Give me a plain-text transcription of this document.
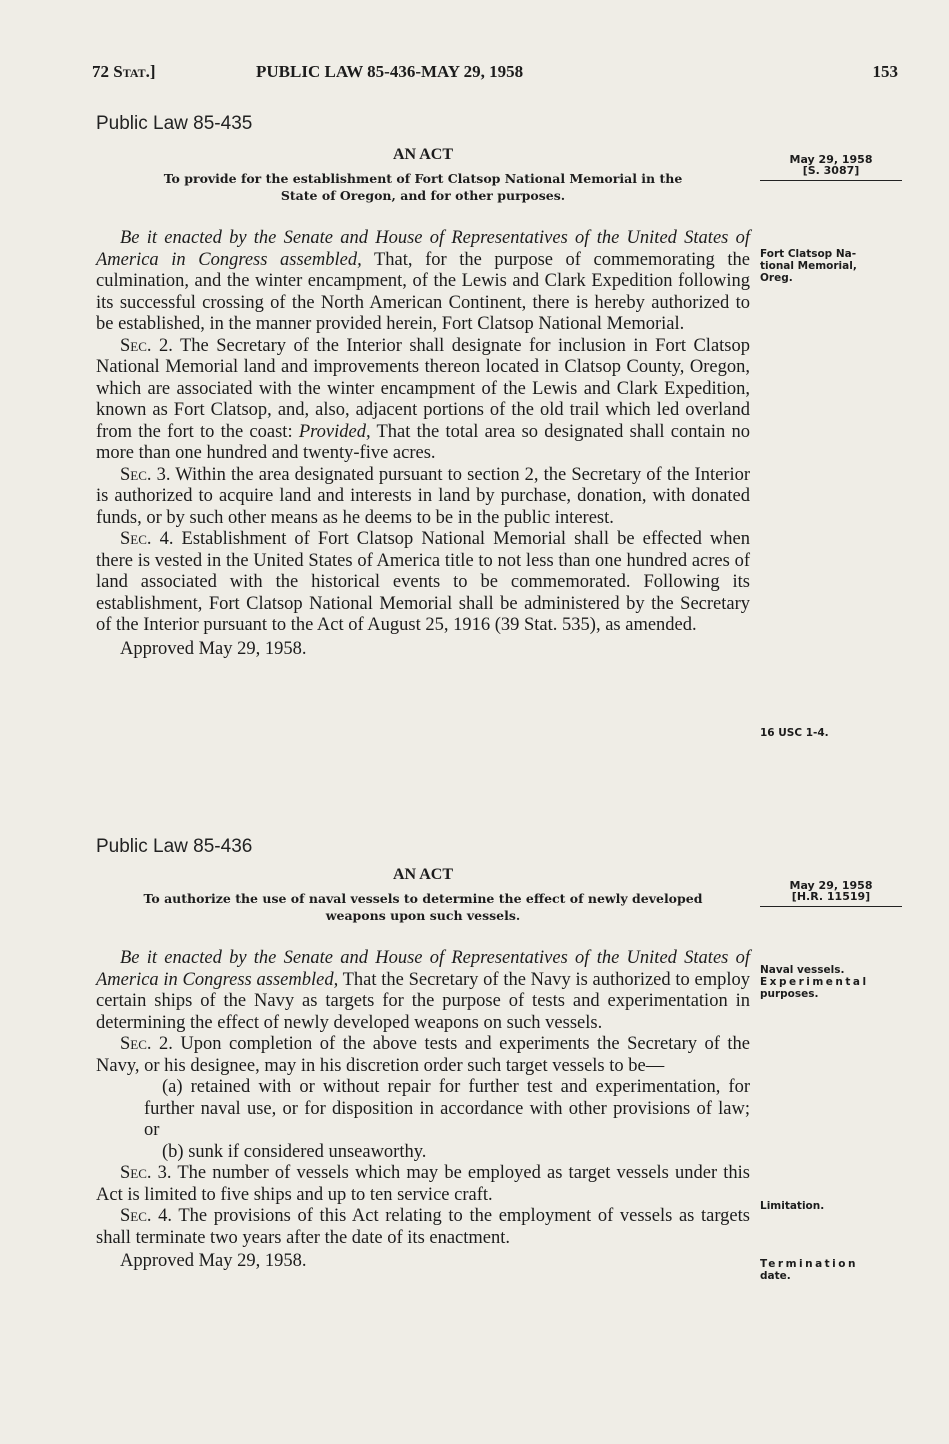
72 Stat.]	PUBLIC LAW 85-436-MAY 29, 1958	153
Public Law 85-435
AN ACT
To provide for the establishment of Fort Clatsop National Memorial in the
State of Oregon, and for other purposes.
May 29, 1958
[S. 3087]

Be it enacted by the Senate and House of Representatives of the United States of America in Congress assembled, That, for the purpose of commemorating the culmination, and the winter encampment, of the Lewis and Clark Expedition following its successful crossing of the North American Continent, there is hereby authorized to be established, in the manner provided herein, Fort Clatsop National Memorial.

Sec. 2. The Secretary of the Interior shall designate for inclusion in Fort Clatsop National Memorial land and improvements thereon located in Clatsop County, Oregon, which are associated with the winter encampment of the Lewis and Clark Expedition, known as Fort Clatsop, and, also, adjacent portions of the old trail which led overland from the fort to the coast: Provided, That the total area so designated shall contain no more than one hundred and twenty-five acres.

Sec. 3. Within the area designated pursuant to section 2, the Secretary of the Interior is authorized to acquire land and interests in land by purchase, donation, with donated funds, or by such other means as he deems to be in the public interest.

Sec. 4. Establishment of Fort Clatsop National Memorial shall be effected when there is vested in the United States of America title to not less than one hundred acres of land associated with the historical events to be commemorated. Following its establishment, Fort Clatsop National Memorial shall be administered by the Secretary of the Interior pursuant to the Act of August 25, 1916 (39 Stat. 535), as amended.

Approved May 29, 1958.

Fort Clatsop Na-
tional Memorial,
Oreg.
16 USC 1-4.
Public Law 85-436
AN ACT
To authorize the use of naval vessels to determine the effect of newly developed
weapons upon such vessels.
May 29, 1958
[H.R. 11519]

Be it enacted by the Senate and House of Representatives of the United States of America in Congress assembled, That the Secretary of the Navy is authorized to employ certain ships of the Navy as targets for the purpose of tests and experimentation in determining the effect of newly developed weapons on such vessels.

Sec. 2. Upon completion of the above tests and experiments the Secretary of the Navy, or his designee, may in his discretion order such target vessels to be—

(a) retained with or without repair for further test and experimentation, for further naval use, or for disposition in accordance with other provisions of law; or

(b) sunk if considered unseaworthy.

Sec. 3. The number of vessels which may be employed as target vessels under this Act is limited to five ships and up to ten service craft.

Sec. 4. The provisions of this Act relating to the employment of vessels as targets shall terminate two years after the date of its enactment.

Approved May 29, 1958.

Naval vessels.
Experimental
purposes.
Limitation.
Termination
date.
